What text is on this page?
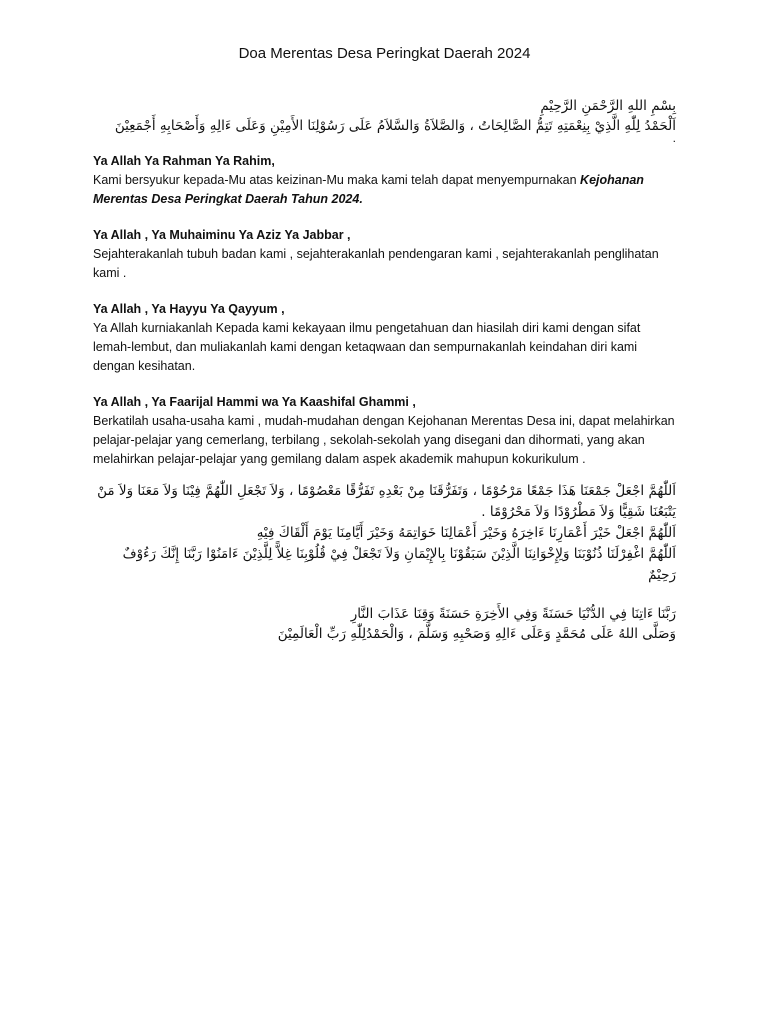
Doa Merentas Desa Peringkat Daerah 2024
بِسْمِ اللهِ الرَّحْمَنِ الرَّحِيْمِ
اَلْحَمْدُ لِلّٰهِ الَّذِيْ بِنِعْمَتِهِ تَتِمُّ الصَّالِحَاتُ ، وَالصَّلاَةُ وَالسَّلاَمُ عَلَى رَسُوْلِنَا الأَمِيْنِ وَعَلَى ءَالِهِ وَأَصْحَابِهِ أَجْمَعِيْنَ
.
Ya Allah Ya Rahman Ya Rahim,
Kami bersyukur kepada-Mu atas keizinan-Mu maka kami telah dapat menyempurnakan Kejohanan Merentas Desa Peringkat Daerah Tahun 2024.
Ya Allah , Ya Muhaiminu Ya Aziz Ya Jabbar ,
Sejahterakanlah tubuh badan kami , sejahterakanlah pendengaran kami , sejahterakanlah penglihatan kami .
Ya Allah , Ya Hayyu Ya Qayyum ,
Ya Allah kurniakanlah Kepada kami kekayaan ilmu pengetahuan dan hiasilah diri kami dengan sifat lemah-lembut, dan muliakanlah kami dengan ketaqwaan dan sempurnakanlah keindahan diri kami dengan kesihatan.
Ya Allah , Ya Faarijal Hammi wa Ya Kaashifal Ghammi ,
Berkatilah usaha-usaha kami , mudah-mudahan dengan Kejohanan Merentas Desa ini, dapat melahirkan pelajar-pelajar yang cemerlang, terbilang , sekolah-sekolah yang disegani dan dihormati, yang akan melahirkan pelajar-pelajar yang gemilang dalam aspek akademik mahupun kokurikulum .
اَللّٰهُمَّ اجْعَلْ جَمْعَنَا هَذَا جَمْعًا مَرْحُوْمًا ، وَتَفَرُّقَنَا مِنْ بَعْدِهِ تَفَرُّقًا مَعْصُوْمًا ، وَلاَ تَجْعَلِ اللّٰهُمَّ فِيْنَا وَلاَ مَعَنَا وَلاَ مَنْ يَتْبَعُنَا شَقِيًّا وَلاَ مَطْرُوْدًا وَلاَ مَحْرُوْمًا .
اَللّٰهُمَّ اجْعَلْ خَيْرَ أَعْمَارِنَا ءَاخِرَهُ وَخَيْرَ أَعْمَالِنَا خَوَاتِمَهُ وَخَيْرَ أَيَّامِنَا يَوْمَ أَلْقَاكَ فِيْهِ
اَللّٰهُمَّ اغْفِرْلَنَا ذُنُوْبَنَا وَلِإِخْوَانِنَا الَّذِيْنَ سَبَقُوْنَا بِالإِيْمَانِ وَلاَ تَجْعَلْ فِيْ قُلُوْبِنَا غِلاًّ لِلَّذِيْنَ ءَامَنُوْا رَبَّنَا إِنَّكَ رَءُوْفٌ رَحِيْمٌ
رَبَّنَا ءَاتِنَا فِي الدُّنْيَا حَسَنَةً وَفِي الأَخِرَةِ حَسَنَةً وَقِنَا عَذَابَ النَّارِ
وَصَلَّى اللهُ عَلَى مُحَمَّدٍ وَعَلَى ءَالِهِ وَصَحْبِهِ وَسَلَّمَ ، وَالْحَمْدُلِلّٰهِ رَبِّ الْعَالَمِيْنَ
